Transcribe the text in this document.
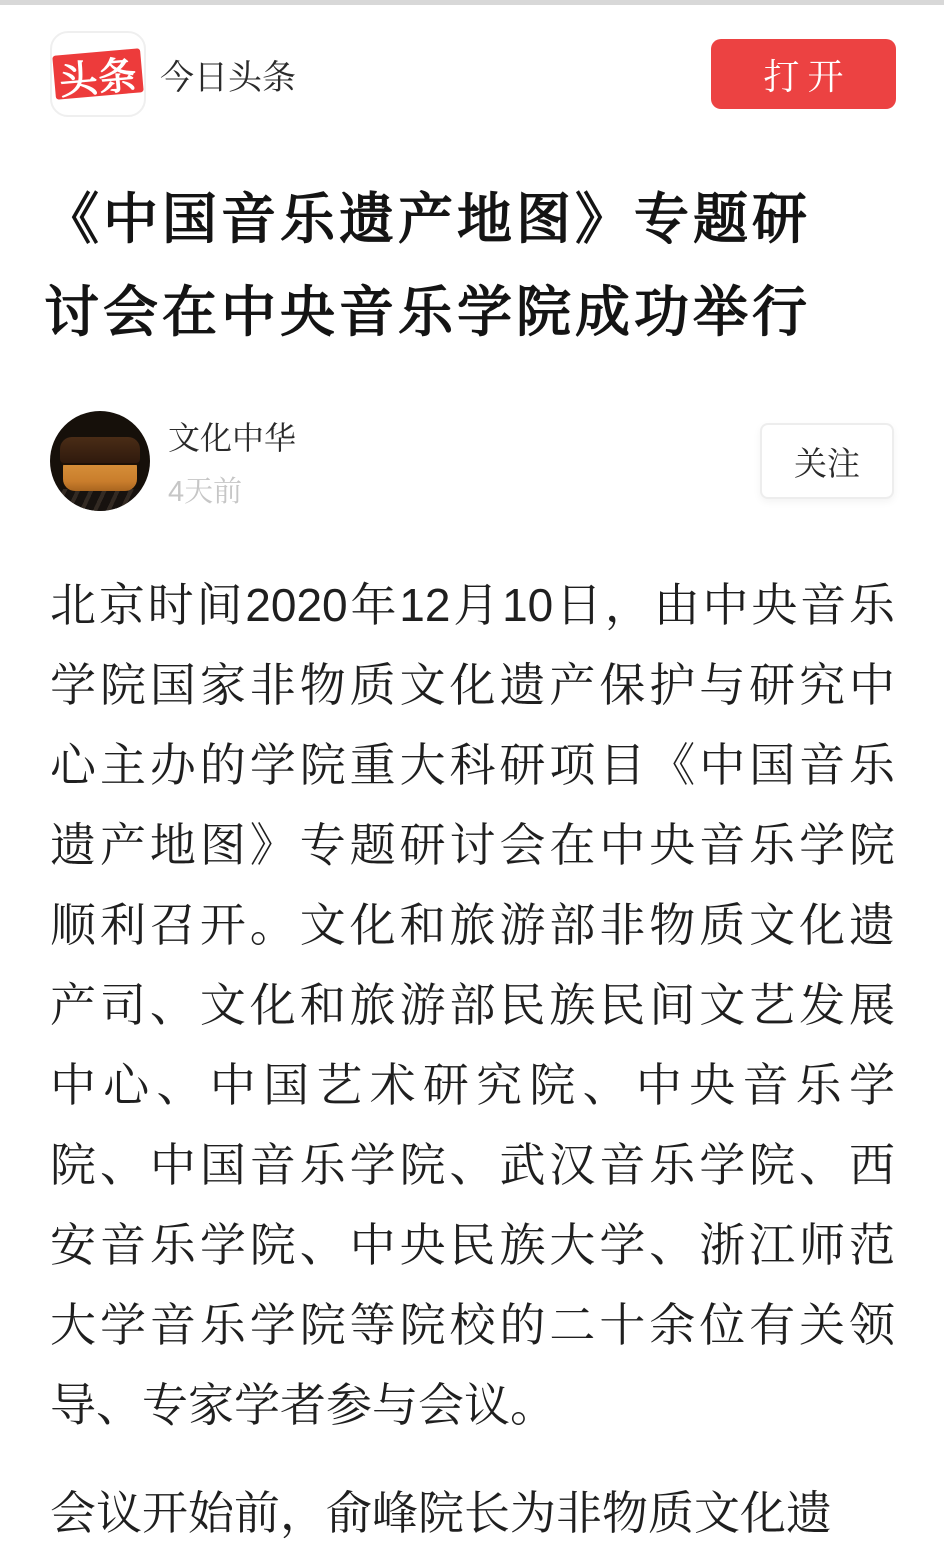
头条 今日头条	打开
《中国音乐遗产地图》专题研
讨会在中央音乐学院成功举行
文化中华
4天前
关注
北京时间2020年12月10日，由中央音乐
学院国家非物质文化遗产保护与研究中
心主办的学院重大科研项目《中国音乐
遗产地图》专题研讨会在中央音乐学院
顺利召开。文化和旅游部非物质文化遗
产司、文化和旅游部民族民间文艺发展
中心、中国艺术研究院、中央音乐学
院、中国音乐学院、武汉音乐学院、西
安音乐学院、中央民族大学、浙江师范
大学音乐学院等院校的二十余位有关领
导、专家学者参与会议。
会议开始前，俞峰院长为非物质文化遗
